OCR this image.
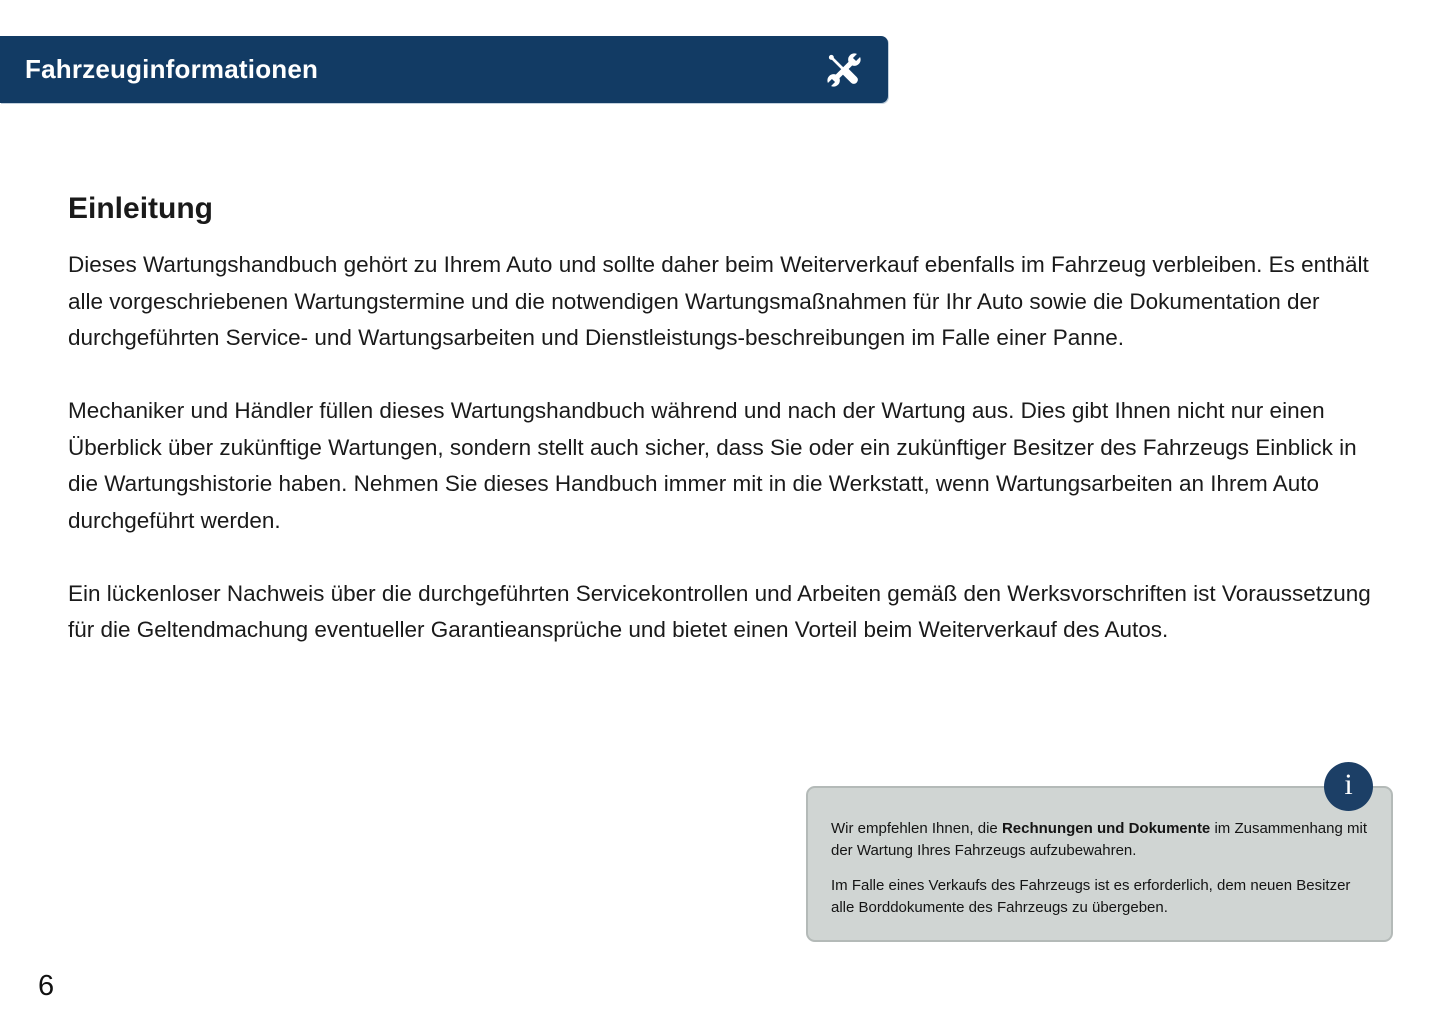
Fahrzeuginformationen
Einleitung

Dieses Wartungshandbuch gehört zu Ihrem Auto und sollte daher beim Weiterverkauf ebenfalls im Fahrzeug verbleiben. Es enthält alle vorgeschriebenen Wartungstermine und die notwendigen Wartungsmaßnahmen für Ihr Auto sowie die Dokumentation der durchgeführten Service- und Wartungsarbeiten und Dienstleistungs-beschreibungen im Falle einer Panne.

Mechaniker und Händler füllen dieses Wartungshandbuch während und nach der Wartung aus. Dies gibt Ihnen nicht nur einen Überblick über zukünftige Wartungen, sondern stellt auch sicher, dass Sie oder ein zukünftiger Besitzer des Fahrzeugs Einblick in die Wartungshistorie haben. Nehmen Sie dieses Handbuch immer mit in die Werkstatt, wenn Wartungsarbeiten an Ihrem Auto durchgeführt werden.

Ein lückenloser Nachweis über die durchgeführten Servicekontrollen und Arbeiten gemäß den Werksvorschriften ist Voraussetzung für die Geltendmachung eventueller Garantieansprüche und bietet einen Vorteil beim Weiterverkauf des Autos.

Wir empfehlen Ihnen, die Rechnungen und Dokumente im Zusammenhang mit der Wartung Ihres Fahrzeugs aufzubewahren.

Im Falle eines Verkaufs des Fahrzeugs ist es erforderlich, dem neuen Besitzer alle Borddokumente des Fahrzeugs zu übergeben.

i
6
